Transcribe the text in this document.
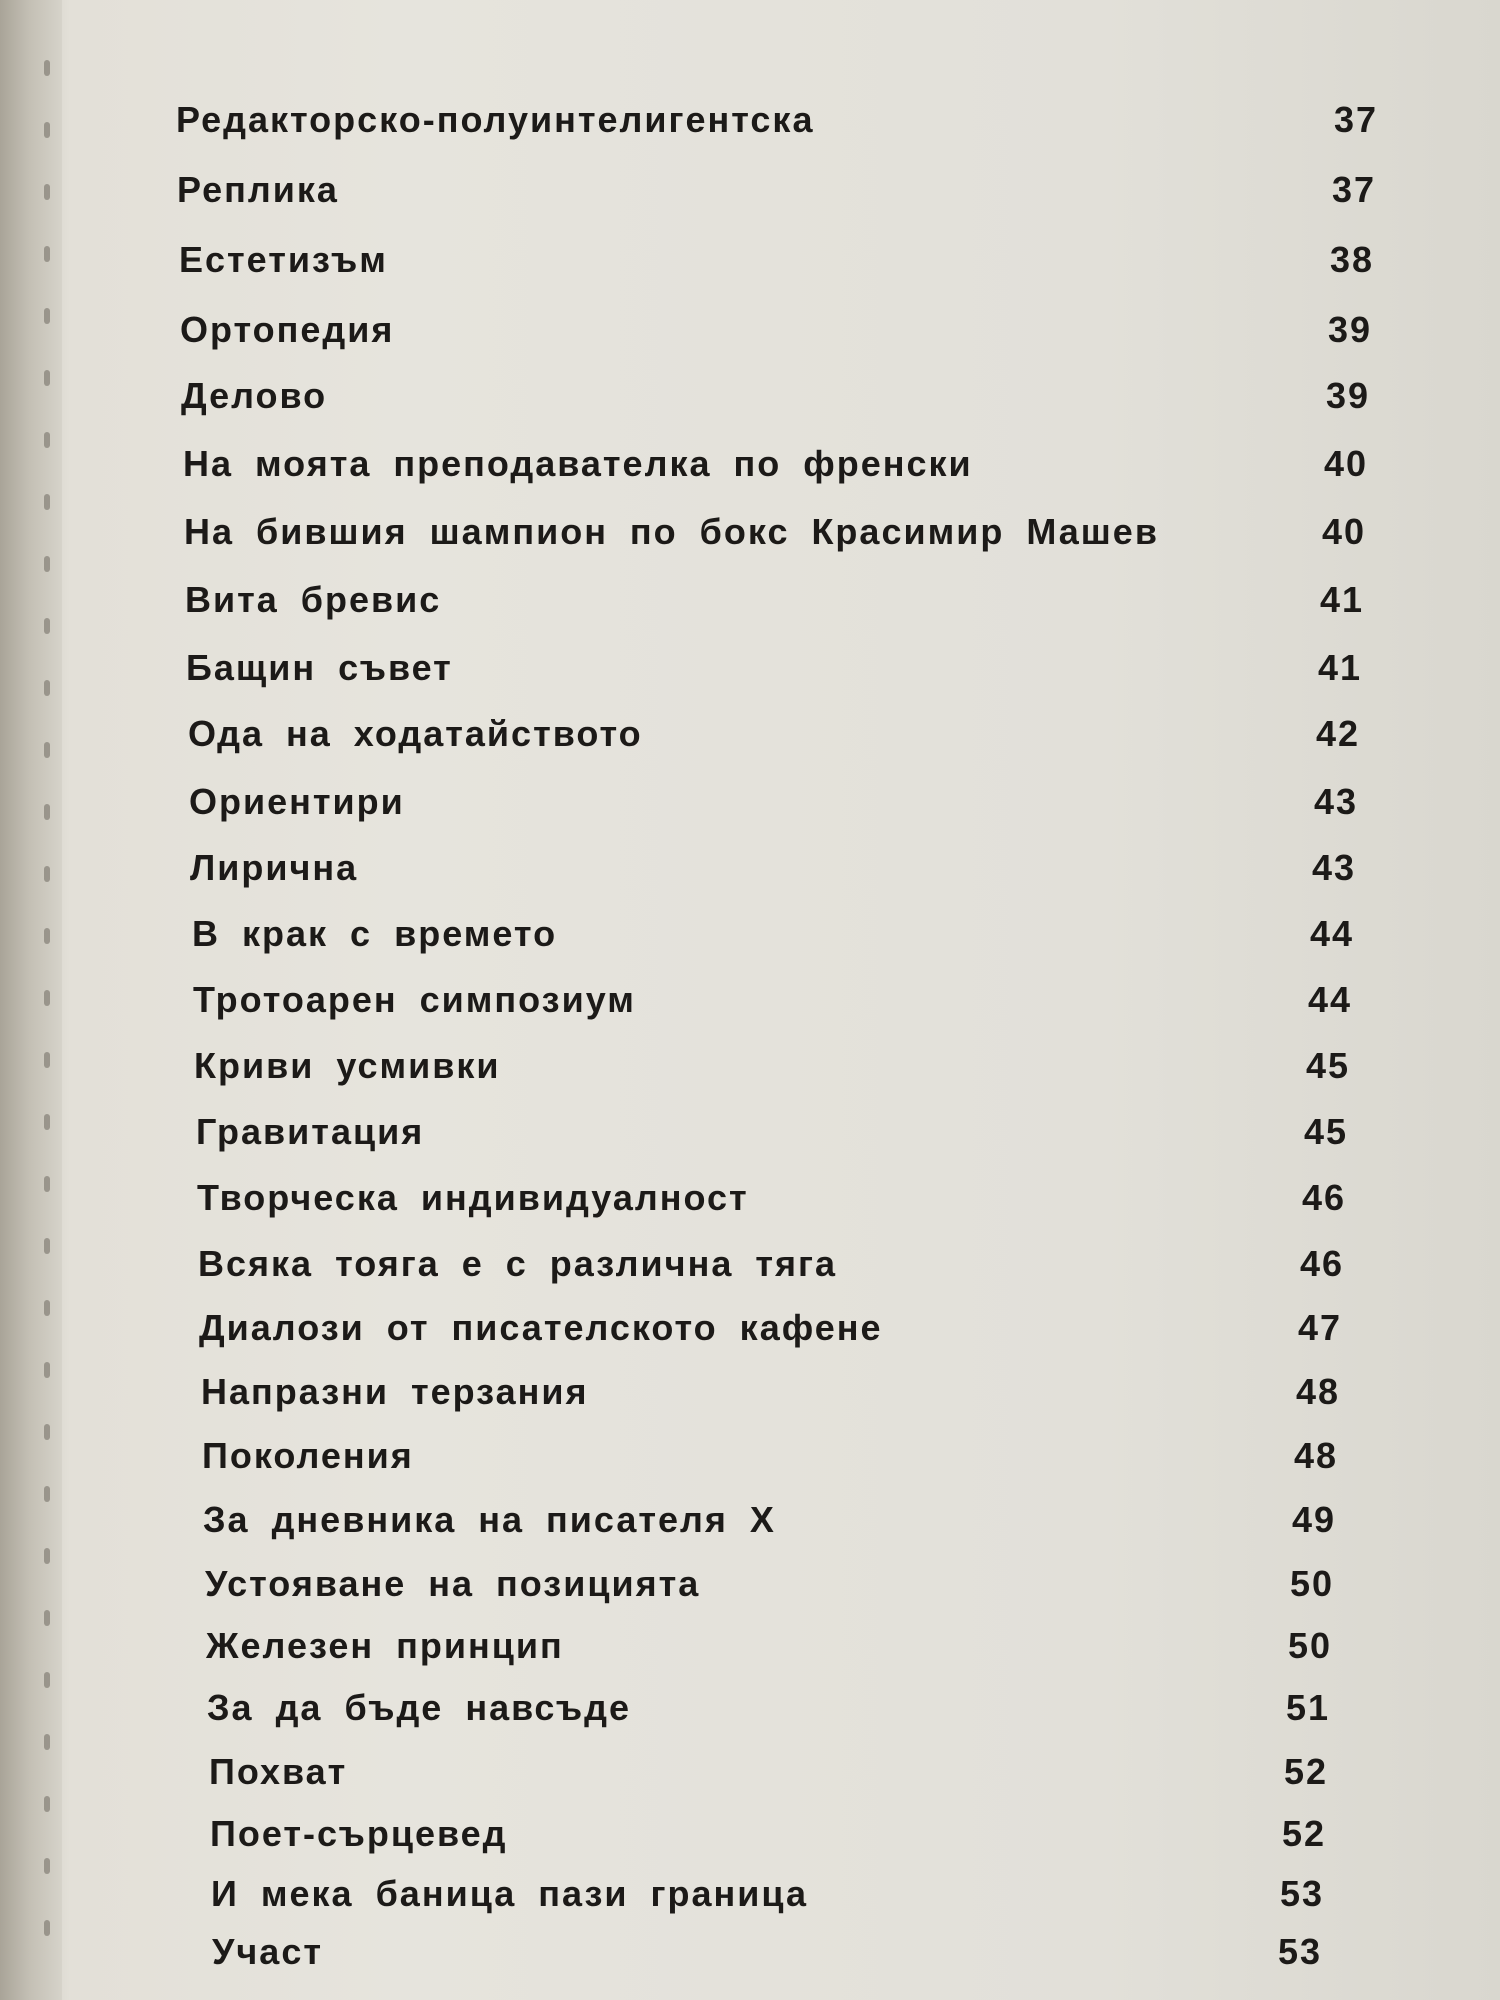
Редакторско-полуинтелигентска	37
Реплика	37
Естетизъм	38
Ортопедия	39
Делово	39
На моята преподавателка по френски	40
На бившия шампион по бокс Красимир Машев	40
Вита бревис	41
Бащин съвет	41
Ода на ходатайството	42
Ориентири	43
Лирична	43
В крак с времето	44
Тротоарен симпозиум	44
Криви усмивки	45
Гравитация	45
Творческа индивидуалност	46
Всяка тояга е с различна тяга	46
Диалози от писателското кафене	47
Напразни терзания	48
Поколения	48
За дневника на писателя X	49
Устояване на позицията	50
Железен принцип	50
За да бъде навсъде	51
Похват	52
Поет-сърцевед	52
И мека баница пази граница	53
Участ	53
